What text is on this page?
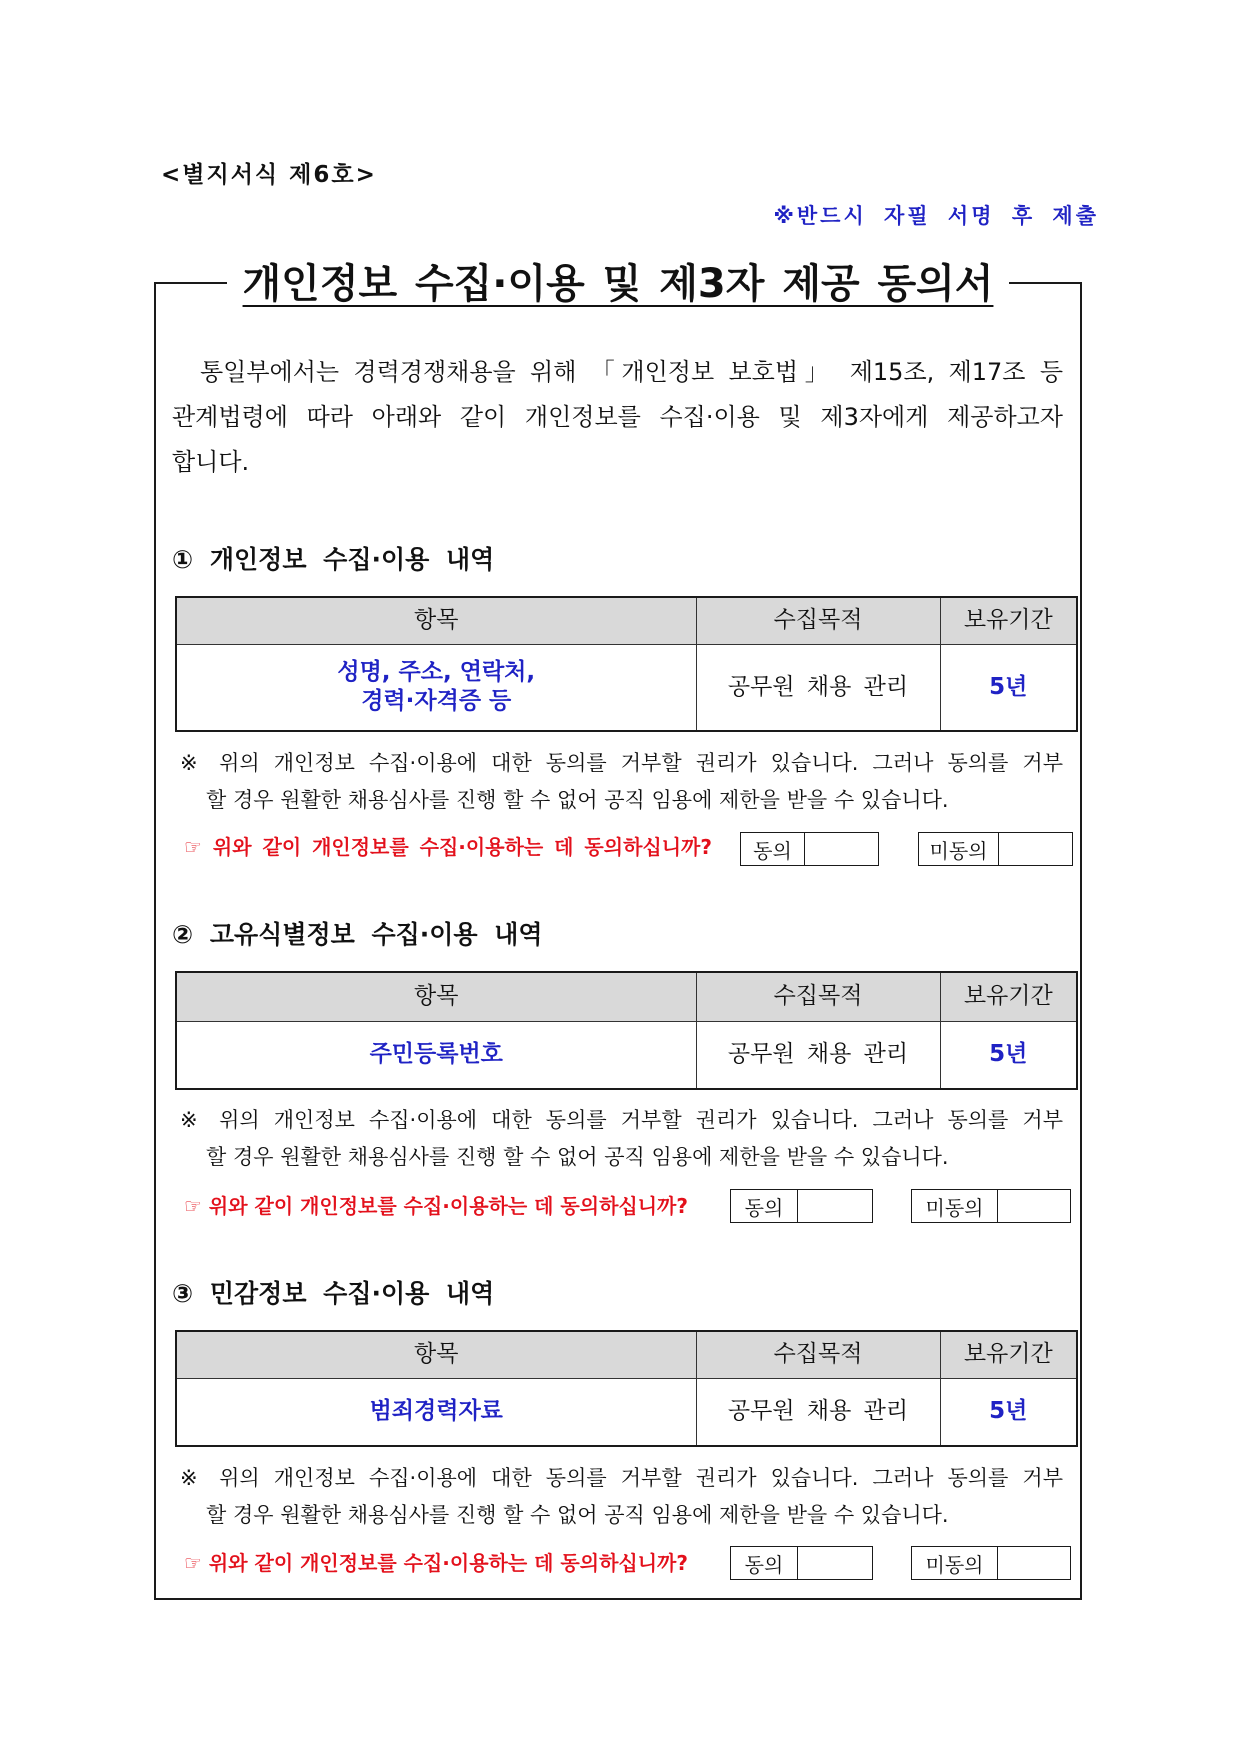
<별지서식 제6호>
※반드시 자필 서명 후 제출
개인정보 수집·이용 및 제3자 제공 동의서
통일부에서는 경력경쟁채용을 위해 「개인정보 보호법」 제15조, 제17조 등
관계법령에 따라 아래와 같이 개인정보를 수집·이용 및 제3자에게 제공하고자
합니다.
① 개인정보 수집·이용 내역
항목	수집목적	보유기간

성명, 주소, 연락처,
경력·자격증 등	공무원 채용 관리	5년
※ 위의 개인정보 수집·이용에 대한 동의를 거부할 권리가 있습니다. 그러나 동의를 거부
할 경우 원활한 채용심사를 진행 할 수 없어 공직 임용에 제한을 받을 수 있습니다.
☞ 위와 같이 개인정보를 수집·이용하는 데 동의하십니까?	동의	미동의
② 고유식별정보 수집·이용 내역
항목	수집목적	보유기간

주민등록번호	공무원 채용 관리	5년
※ 위의 개인정보 수집·이용에 대한 동의를 거부할 권리가 있습니다. 그러나 동의를 거부
할 경우 원활한 채용심사를 진행 할 수 없어 공직 임용에 제한을 받을 수 있습니다.
☞ 위와 같이 개인정보를 수집·이용하는 데 동의하십니까?	동의	미동의
③ 민감정보 수집·이용 내역
항목	수집목적	보유기간

범죄경력자료	공무원 채용 관리	5년
※ 위의 개인정보 수집·이용에 대한 동의를 거부할 권리가 있습니다. 그러나 동의를 거부
할 경우 원활한 채용심사를 진행 할 수 없어 공직 임용에 제한을 받을 수 있습니다.
☞ 위와 같이 개인정보를 수집·이용하는 데 동의하십니까?	동의	미동의
